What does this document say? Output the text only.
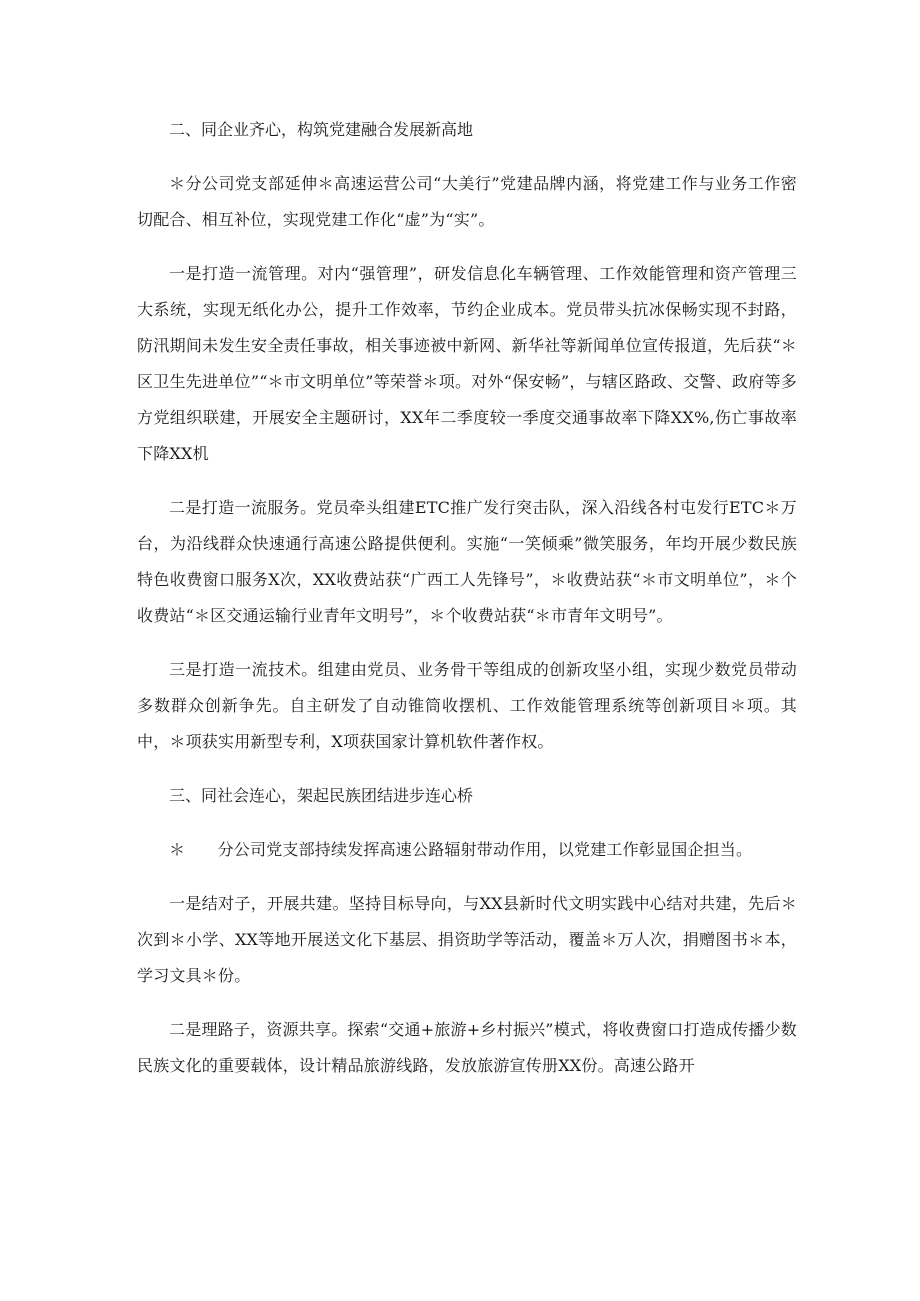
二、同企业齐心，构筑党建融合发展新高地

＊分公司党支部延伸＊高速运营公司“大美行”党建品牌内涵，将党建工作与业务工作密切配合、相互补位，实现党建工作化“虚”为“实”。

一是打造一流管理。对内“强管理”，研发信息化车辆管理、工作效能管理和资产管理三大系统，实现无纸化办公，提升工作效率，节约企业成本。党员带头抗冰保畅实现不封路，防汛期间未发生安全责任事故，相关事迹被中新网、新华社等新闻单位宣传报道，先后获“＊区卫生先进单位”“＊市文明单位”等荣誉＊项。对外“保安畅”，与辖区路政、交警、政府等多方党组织联建，开展安全主题研讨，XX年二季度较一季度交通事故率下降XX%,伤亡事故率下降XX机

二是打造一流服务。党员牵头组建ETC推广发行突击队，深入沿线各村屯发行ETC＊万台，为沿线群众快速通行高速公路提供便利。实施“一笑倾乘”微笑服务，年均开展少数民族特色收费窗口服务X次，XX收费站获“广西工人先锋号”，＊收费站获“＊市文明单位”，＊个收费站“＊区交通运输行业青年文明号”，＊个收费站获“＊市青年文明号”。

三是打造一流技术。组建由党员、业务骨干等组成的创新攻坚小组，实现少数党员带动多数群众创新争先。自主研发了自动锥筒收摆机、工作效能管理系统等创新项目＊项。其中，＊项获实用新型专利，X项获国家计算机软件著作权。

三、同社会连心，架起民族团结进步连心桥

＊　　分公司党支部持续发挥高速公路辐射带动作用，以党建工作彰显国企担当。

一是结对子，开展共建。坚持目标导向，与XX县新时代文明实践中心结对共建，先后＊次到＊小学、XX等地开展送文化下基层、捐资助学等活动，覆盖＊万人次，捐赠图书＊本，学习文具＊份。

二是理路子，资源共享。探索“交通+旅游+乡村振兴”模式，将收费窗口打造成传播少数民族文化的重要载体，设计精品旅游线路，发放旅游宣传册XX份。高速公路开
